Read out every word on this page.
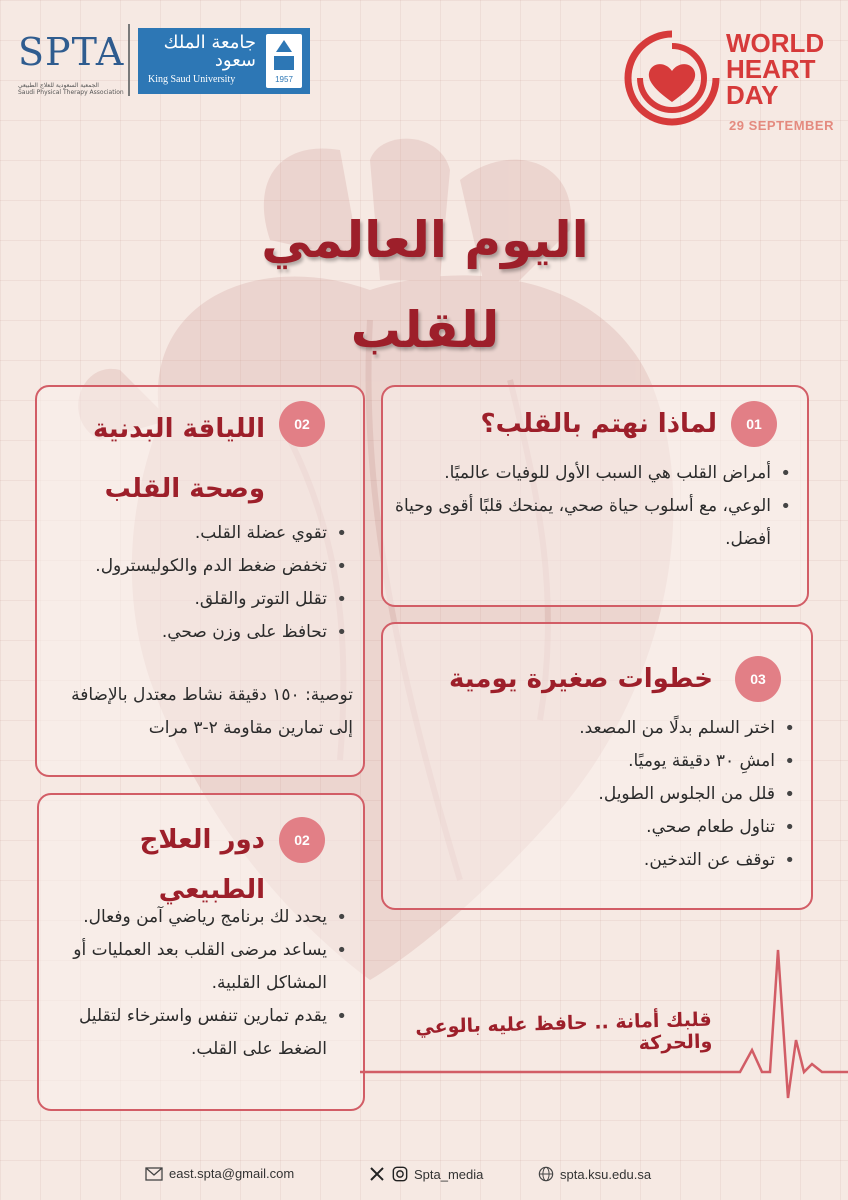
SPTA
الجمعية السعودية للعلاج الطبيعي
Saudi Physical Therapy Association
جامعة الملك سعود
King Saud University	1957
WORLD
HEART
DAY
29 SEPTEMBER
اليوم العالمي
للقلب
01
لماذا نهتم بالقلب؟
• أمراض القلب هي السبب الأول للوفيات عالميًا.
• الوعي، مع أسلوب حياة صحي، يمنحك قلبًا أقوى وحياة أفضل.
02
اللياقة البدنية وصحة القلب
• تقوي عضلة القلب.
• تخفض ضغط الدم والكوليسترول.
• تقلل التوتر والقلق.
• تحافظ على وزن صحي.
توصية: ١٥٠ دقيقة نشاط معتدل بالإضافة إلى تمارين مقاومة ٢-٣ مرات
03
خطوات صغيرة يومية
• اختر السلم بدلًا من المصعد.
• امشِ ٣٠ دقيقة يوميًا.
• قلل من الجلوس الطويل.
• تناول طعام صحي.
• توقف عن التدخين.
02
دور العلاج الطبيعي
• يحدد لك برنامج رياضي آمن وفعال.
• يساعد مرضى القلب بعد العمليات أو المشاكل القلبية.
• يقدم تمارين تنفس واسترخاء لتقليل الضغط على القلب.
قلبك أمانة .. حافظ عليه بالوعي والحركة
east.spta@gmail.com	Spta_media	spta.ksu.edu.sa
